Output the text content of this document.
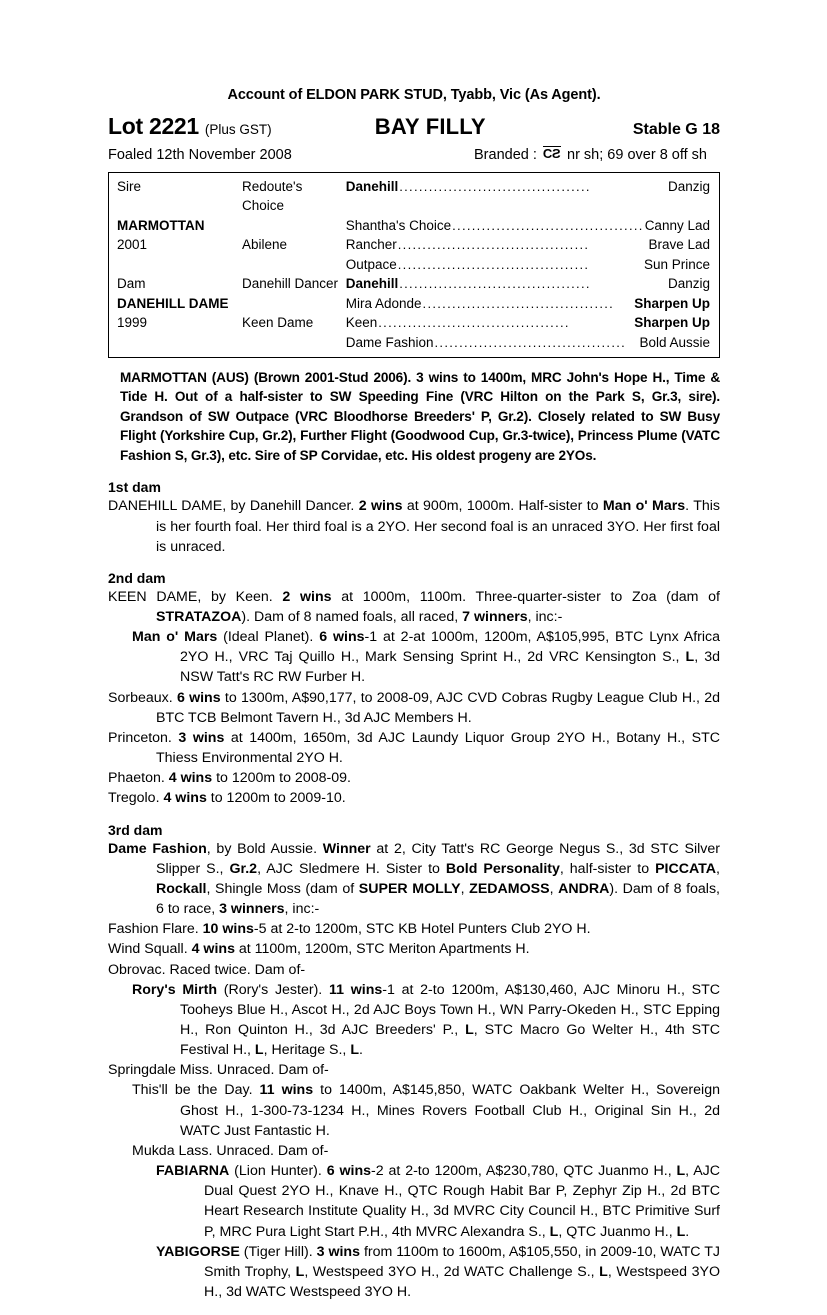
Account of ELDON PARK STUD, Tyabb, Vic (As Agent).
Lot 2221 (Plus GST)	BAY FILLY	Stable G 18
Foaled 12th November 2008	Branded : CS nr sh; 69 over 8 off sh
Sire	Redoute's Choice	Danehill ....................................... Danzig

MARMOTTAN		Shantha's Choice ....................................... Canny Lad

2001	Abilene	Rancher ....................................... Brave Lad

		Outpace ....................................... Sun Prince

Dam	Danehill Dancer	Danehill ....................................... Danzig

DANEHILL DAME		Mira Adonde ....................................... Sharpen Up

1999	Keen Dame	Keen ....................................... Sharpen Up

		Dame Fashion ....................................... Bold Aussie

MARMOTTAN (AUS) (Brown 2001-Stud 2006). 3 wins to 1400m, MRC John's Hope H., Time & Tide H. Out of a half-sister to SW Speeding Fine (VRC Hilton on the Park S, Gr.3, sire). Grandson of SW Outpace (VRC Bloodhorse Breeders' P, Gr.2). Closely related to SW Busy Flight (Yorkshire Cup, Gr.2), Further Flight (Goodwood Cup, Gr.3-twice), Princess Plume (VATC Fashion S, Gr.3), etc. Sire of SP Corvidae, etc. His oldest progeny are 2YOs.

1st dam

DANEHILL DAME, by Danehill Dancer. 2 wins at 900m, 1000m. Half-sister to Man o' Mars. This is her fourth foal. Her third foal is a 2YO. Her second foal is an unraced 3YO. Her first foal is unraced.

2nd dam

KEEN DAME, by Keen. 2 wins at 1000m, 1100m. Three-quarter-sister to Zoa (dam of STRATAZOA). Dam of 8 named foals, all raced, 7 winners, inc:-

Man o' Mars (Ideal Planet). 6 wins-1 at 2-at 1000m, 1200m, A$105,995, BTC Lynx Africa 2YO H., VRC Taj Quillo H., Mark Sensing Sprint H., 2d VRC Kensington S., L, 3d NSW Tatt's RC RW Furber H.

Sorbeaux. 6 wins to 1300m, A$90,177, to 2008-09, AJC CVD Cobras Rugby League Club H., 2d BTC TCB Belmont Tavern H., 3d AJC Members H.

Princeton. 3 wins at 1400m, 1650m, 3d AJC Laundy Liquor Group 2YO H., Botany H., STC Thiess Environmental 2YO H.

Phaeton. 4 wins to 1200m to 2008-09.

Tregolo. 4 wins to 1200m to 2009-10.

3rd dam

Dame Fashion, by Bold Aussie. Winner at 2, City Tatt's RC George Negus S., 3d STC Silver Slipper S., Gr.2, AJC Sledmere H. Sister to Bold Personality, half-sister to PICCATA, Rockall, Shingle Moss (dam of SUPER MOLLY, ZEDAMOSS, ANDRA). Dam of 8 foals, 6 to race, 3 winners, inc:-

Fashion Flare. 10 wins-5 at 2-to 1200m, STC KB Hotel Punters Club 2YO H.

Wind Squall. 4 wins at 1100m, 1200m, STC Meriton Apartments H.

Obrovac. Raced twice. Dam of-

Rory's Mirth (Rory's Jester). 11 wins-1 at 2-to 1200m, A$130,460, AJC Minoru H., STC Tooheys Blue H., Ascot H., 2d AJC Boys Town H., WN Parry-Okeden H., STC Epping H., Ron Quinton H., 3d AJC Breeders' P., L, STC Macro Go Welter H., 4th STC Festival H., L, Heritage S., L.

Springdale Miss. Unraced. Dam of-

This'll be the Day. 11 wins to 1400m, A$145,850, WATC Oakbank Welter H., Sovereign Ghost H., 1-300-73-1234 H., Mines Rovers Football Club H., Original Sin H., 2d WATC Just Fantastic H.

Mukda Lass. Unraced. Dam of-

FABIARNA (Lion Hunter). 6 wins-2 at 2-to 1200m, A$230,780, QTC Juanmo H., L, AJC Dual Quest 2YO H., Knave H., QTC Rough Habit Bar P, Zephyr Zip H., 2d BTC Heart Research Institute Quality H., 3d MVRC City Council H., BTC Primitive Surf P, MRC Pura Light Start P.H., 4th MVRC Alexandra S., L, QTC Juanmo H., L.

YABIGORSE (Tiger Hill). 3 wins from 1100m to 1600m, A$105,550, in 2009-10, WATC TJ Smith Trophy, L, Westspeed 3YO H., 2d WATC Challenge S., L, Westspeed 3YO H., 3d WATC Westspeed 3YO H.
